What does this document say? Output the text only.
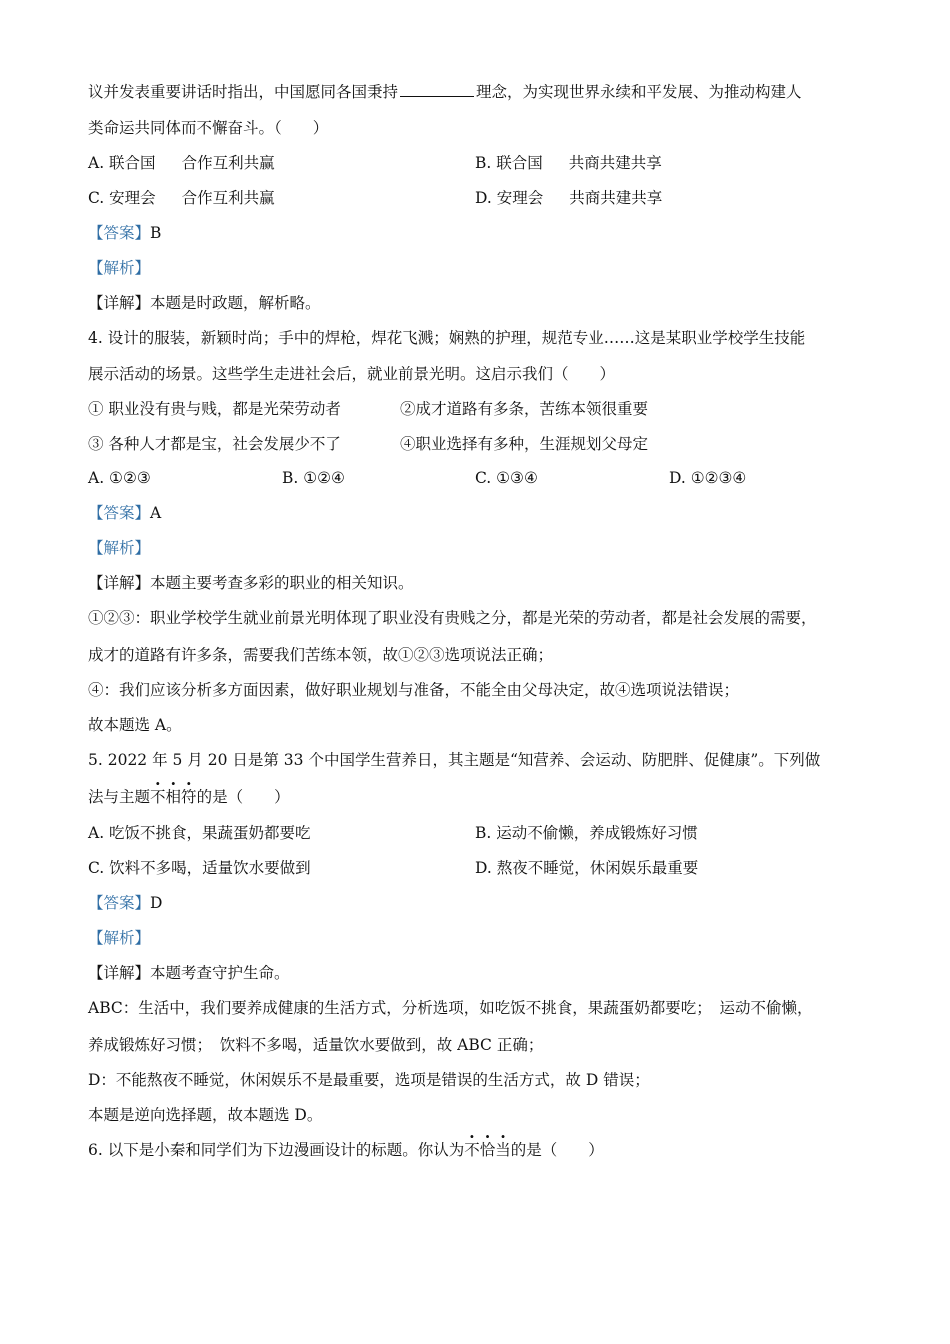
议并发表重要讲话时指出，中国愿同各国秉持	理念，为实现世界永续和平发展、为推动构建人
类命运共同体而不懈奋斗。（　　）
A. 联合国 合作互利共赢	B. 联合国 共商共建共享
C. 安理会 合作互利共赢	D. 安理会 共商共建共享
【答案】B
【解析】
【详解】本题是时政题，解析略。
4. 设计的服装，新颖时尚；手中的焊枪，焊花飞溅；娴熟的护理，规范专业……这是某职业学校学生技能
展示活动的场景。这些学生走进社会后，就业前景光明。这启示我们（　　）
① 职业没有贵与贱，都是光荣劳动者	②成才道路有多条，苦练本领很重要
③ 各种人才都是宝，社会发展少不了	④职业选择有多种，生涯规划父母定
A. ①②③	B. ①②④	C. ①③④	D. ①②③④
【答案】A
【解析】
【详解】本题主要考查多彩的职业的相关知识。
①②③：职业学校学生就业前景光明体现了职业没有贵贱之分，都是光荣的劳动者，都是社会发展的需要，
成才的道路有许多条，需要我们苦练本领，故①②③选项说法正确；
④：我们应该分析多方面因素，做好职业规划与准备，不能全由父母决定，故④选项说法错误；
故本题选 A。
5. 2022 年 5 月 20 日是第 33 个中国学生营养日，其主题是“知营养、会运动、防肥胖、促健康”。下列做
法与主题不相符的是（　　）
A. 吃饭不挑食，果蔬蛋奶都要吃	B. 运动不偷懒，养成锻炼好习惯
C. 饮料不多喝，适量饮水要做到	D. 熬夜不睡觉，休闲娱乐最重要
【答案】D
【解析】
【详解】本题考查守护生命。
ABC：生活中，我们要养成健康的生活方式，分析选项，如吃饭不挑食，果蔬蛋奶都要吃；　运动不偷懒，
养成锻炼好习惯；　饮料不多喝，适量饮水要做到，故 ABC 正确；
D：不能熬夜不睡觉，休闲娱乐不是最重要，选项是错误的生活方式，故 D 错误；
本题是逆向选择题，故本题选 D。
6. 以下是小秦和同学们为下边漫画设计的标题。你认为不恰当的是（　　）
